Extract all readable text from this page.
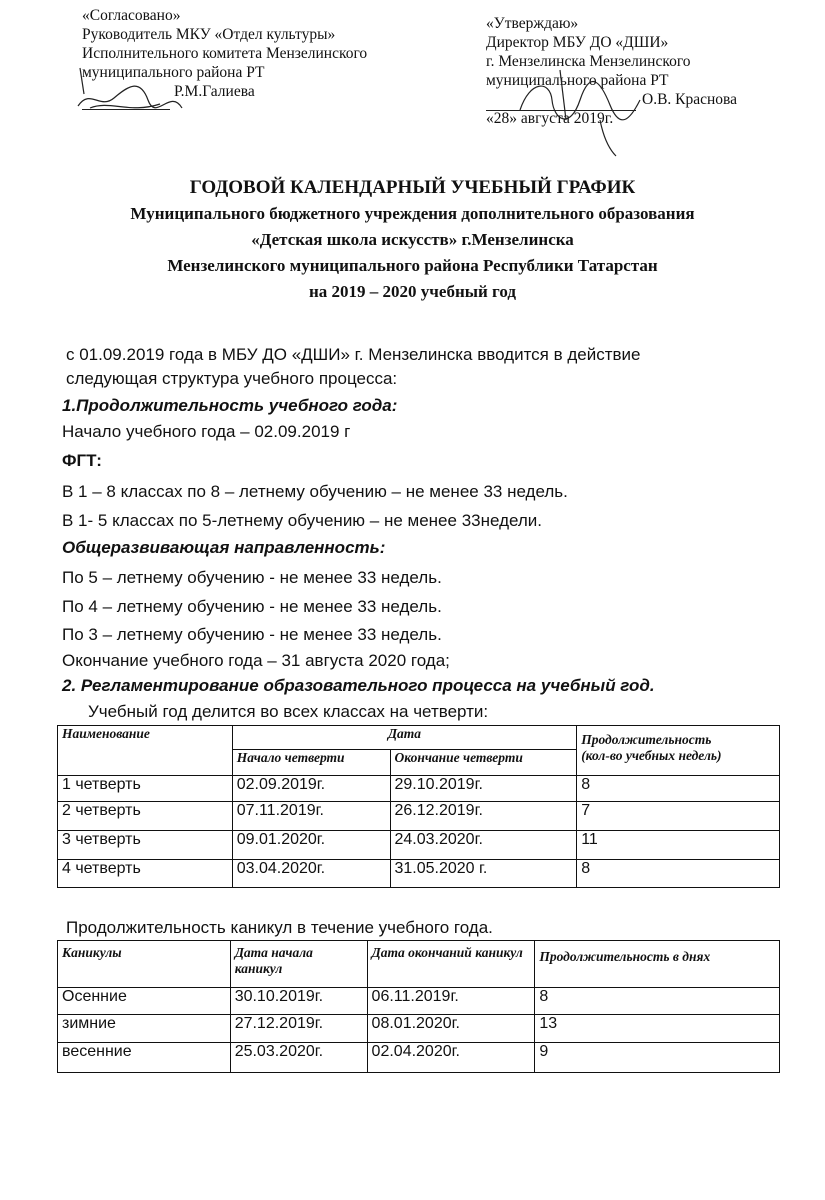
«Согласовано»
Руководитель МКУ «Отдел культуры»
Исполнительного комитета Мензелинского
муниципального района РТ
Р.М.Галиева
«Утверждаю»
Директор МБУ ДО «ДШИ»
г. Мензелинска Мензелинского
муниципального района РТ
О.В. Краснова
«28» августа 2019г.
ГОДОВОЙ КАЛЕНДАРНЫЙ УЧЕБНЫЙ ГРАФИК
Муниципального бюджетного учреждения дополнительного образования
«Детская школа искусств» г.Мензелинска
Мензелинского муниципального района Республики Татарстан
на 2019 – 2020 учебный год
с 01.09.2019 года в МБУ ДО «ДШИ» г. Мензелинска вводится в действие
следующая структура учебного процесса:
1.Продолжительность учебного года:
Начало учебного года – 02.09.2019 г
ФГТ:
В 1 – 8 классах по 8 – летнему обучению – не менее 33 недель.
В 1- 5 классах по 5-летнему обучению – не менее 33недели.
Общеразвивающая направленность:
По 5 – летнему обучению - не менее 33 недель.
По 4 – летнему обучению - не менее 33 недель.
По 3 – летнему обучению - не менее 33 недель.
Окончание учебного года – 31 августа 2020 года;
2. Регламентирование образовательного процесса на учебный год.
Учебный год делится во всех классах на четверти:
Наименование	Дата		Продолжительность
(кол-во учебных недель)

	Начало четверти	Окончание четверти	
1 четверть	02.09.2019г.	29.10.2019г.	8
2 четверть	07.11.2019г.	26.12.2019г.	7
3 четверть	09.01.2020г.	24.03.2020г.	11
4 четверть	03.04.2020г.	31.05.2020 г.	8
Продолжительность каникул в течение учебного года.
Каникулы	Дата начала каникул	Дата окончаний каникул	Продолжительность в днях
Осенние	30.10.2019г.	06.11.2019г.	8
зимние	27.12.2019г.	08.01.2020г.	13
весенние	25.03.2020г.	02.04.2020г.	9
